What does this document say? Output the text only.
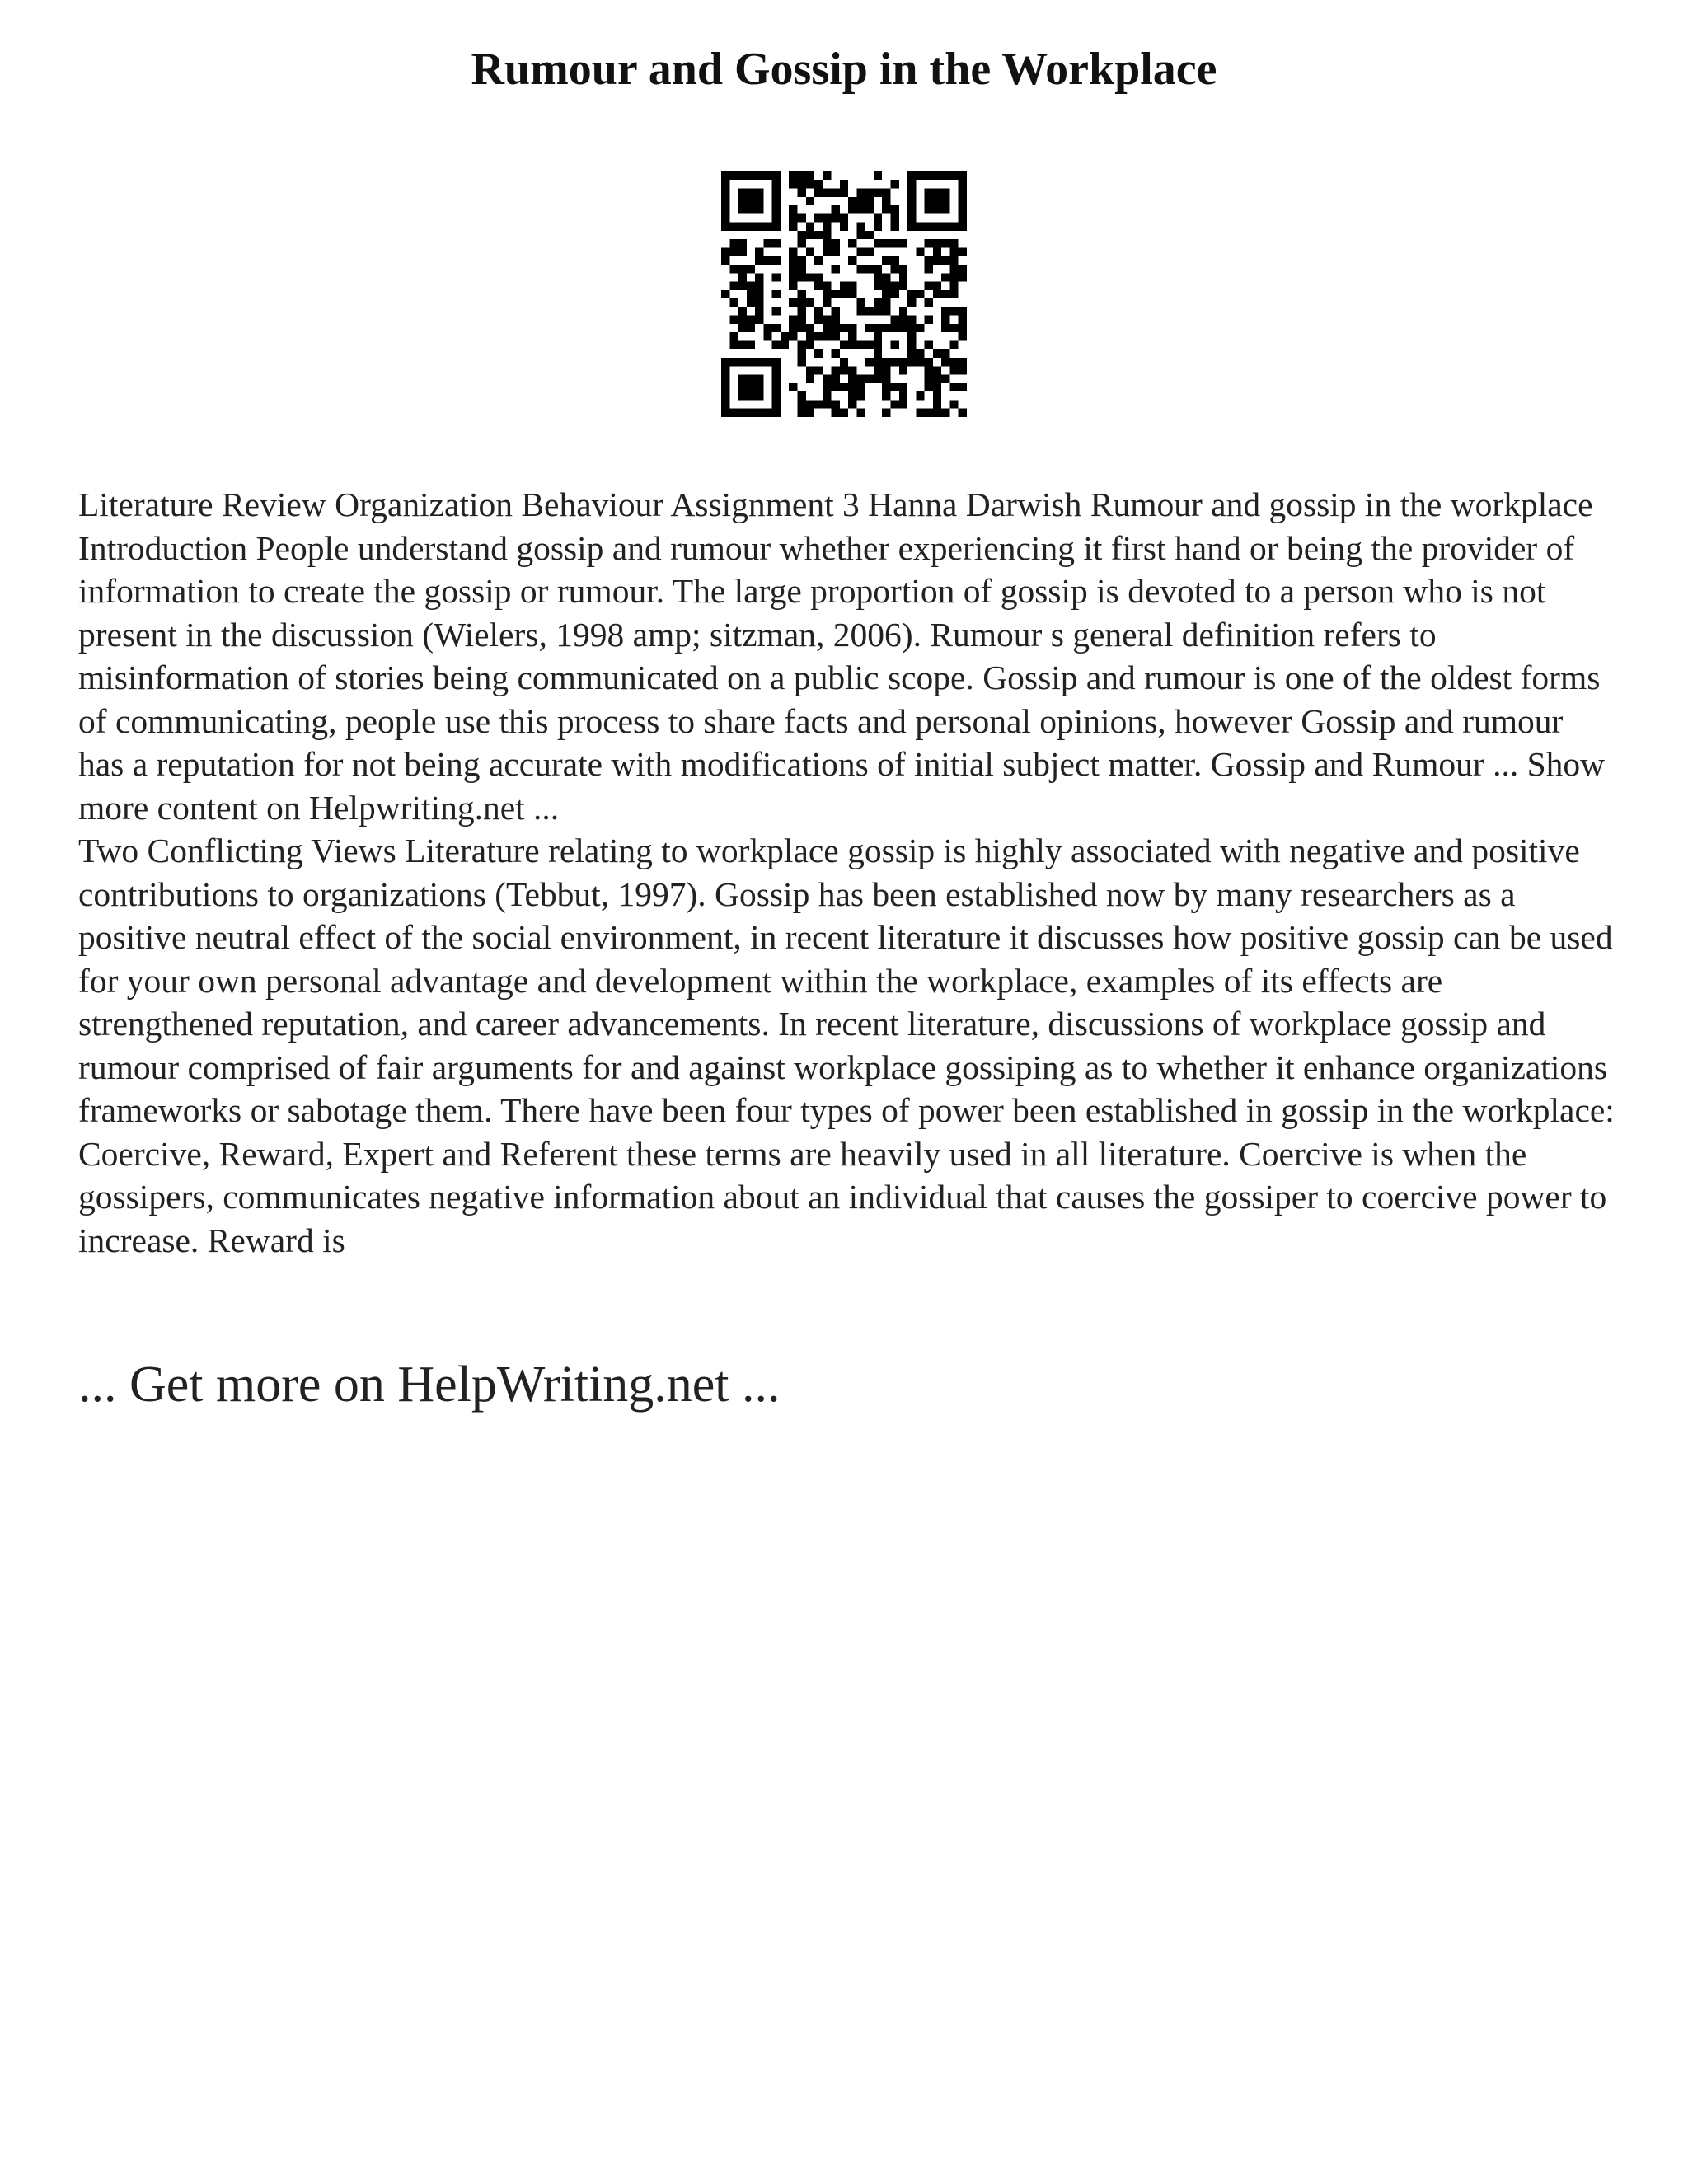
Rumour and Gossip in the Workplace

Literature Review Organization Behaviour Assignment 3 Hanna Darwish Rumour and gossip in the workplace Introduction People understand gossip and rumour whether experiencing it first hand or being the provider of information to create the gossip or rumour. The large proportion of gossip is devoted to a person who is not present in the discussion (Wielers, 1998 amp; sitzman, 2006). Rumour s general definition refers to misinformation of stories being communicated on a public scope. Gossip and rumour is one of the oldest forms of communicating, people use this process to share facts and personal opinions, however Gossip and rumour has a reputation for not being accurate with modifications of initial subject matter. Gossip and Rumour ... Show more content on Helpwriting.net ...

Two Conflicting Views Literature relating to workplace gossip is highly associated with negative and positive contributions to organizations (Tebbut, 1997). Gossip has been established now by many researchers as a positive neutral effect of the social environment, in recent literature it discusses how positive gossip can be used for your own personal advantage and development within the workplace, examples of its effects are strengthened reputation, and career advancements. In recent literature, discussions of workplace gossip and rumour comprised of fair arguments for and against workplace gossiping as to whether it enhance organizations frameworks or sabotage them. There have been four types of power been established in gossip in the workplace: Coercive, Reward, Expert and Referent these terms are heavily used in all literature. Coercive is when the gossipers, communicates negative information about an individual that causes the gossiper to coercive power to increase. Reward is

... Get more on HelpWriting.net ...
